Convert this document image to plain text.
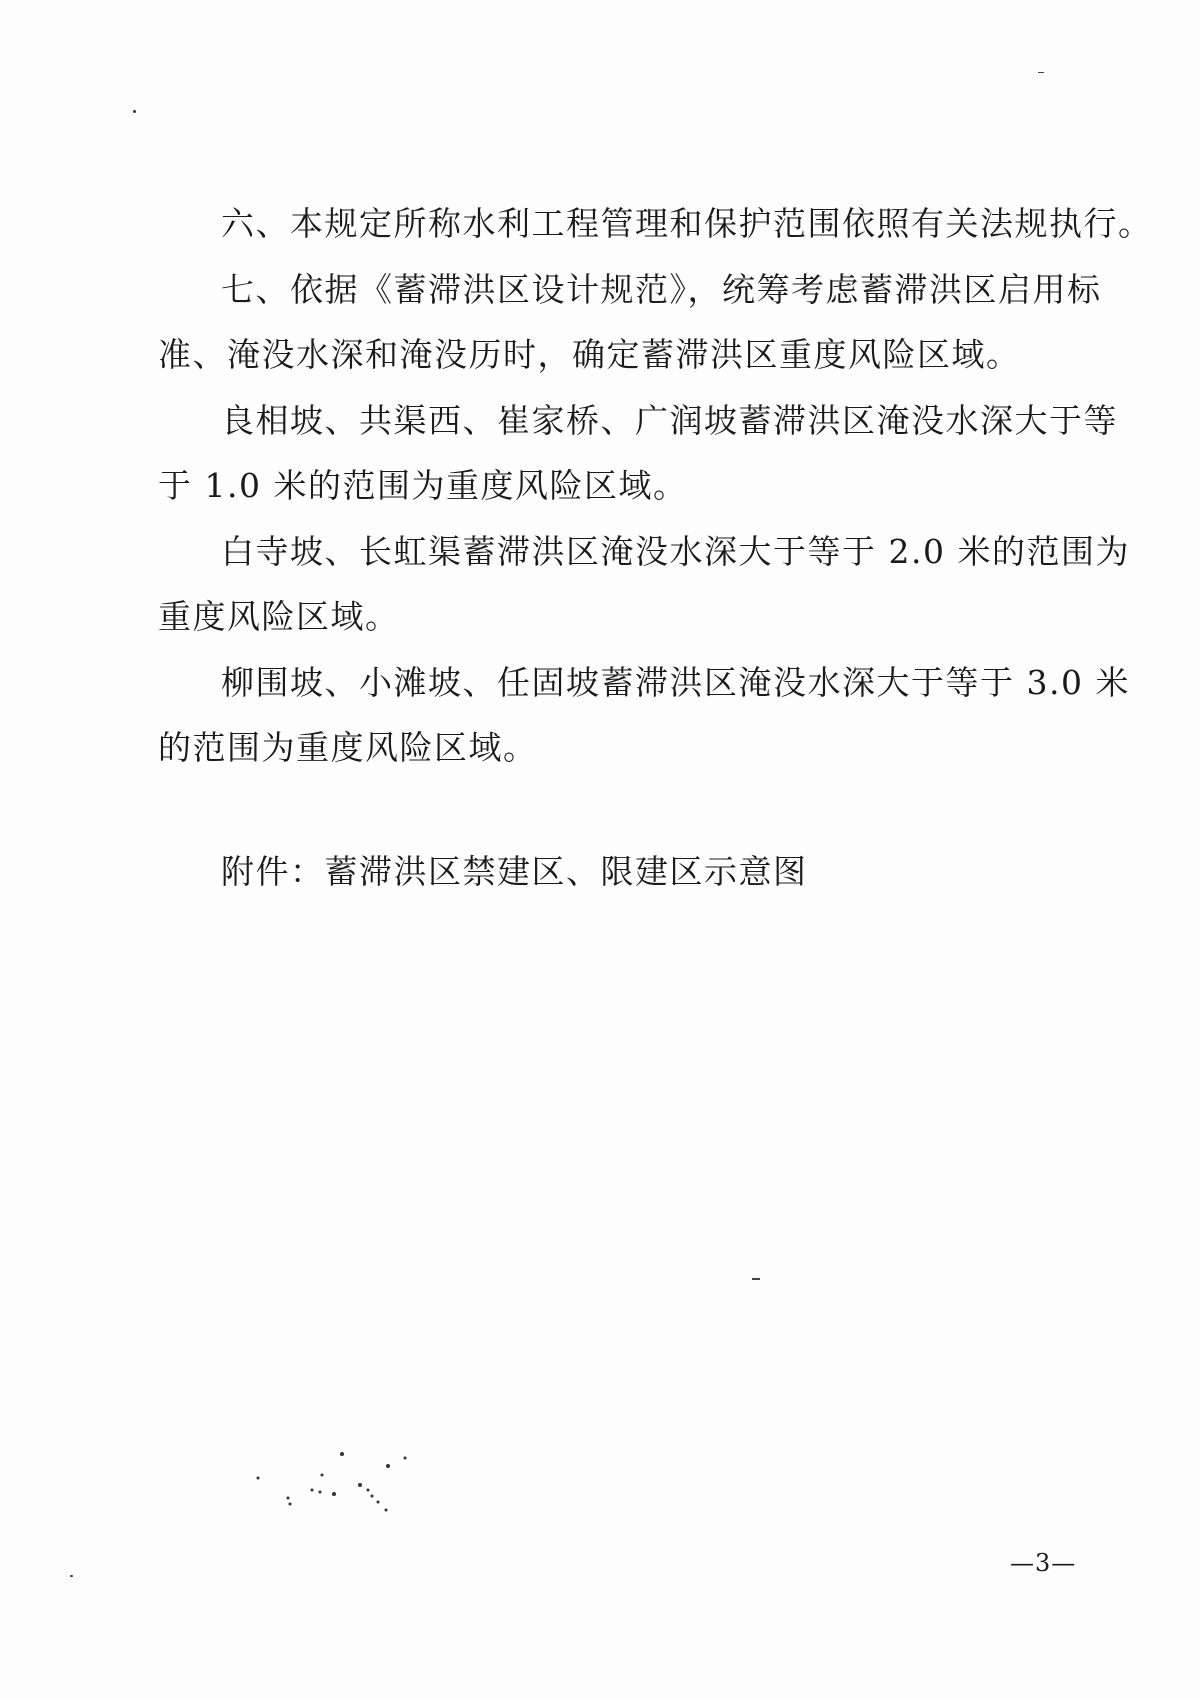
六、本规定所称水利工程管理和保护范围依照有关法规执行。
七、依据《蓄滞洪区设计规范》，统筹考虑蓄滞洪区启用标
准、淹没水深和淹没历时，确定蓄滞洪区重度风险区域。
良相坡、共渠西、崔家桥、广润坡蓄滞洪区淹没水深大于等
于 1.0 米的范围为重度风险区域。
白寺坡、长虹渠蓄滞洪区淹没水深大于等于 2.0 米的范围为
重度风险区域。
柳围坡、小滩坡、任固坡蓄滞洪区淹没水深大于等于 3.0 米
的范围为重度风险区域。
附件：蓄滞洪区禁建区、限建区示意图
—3—
